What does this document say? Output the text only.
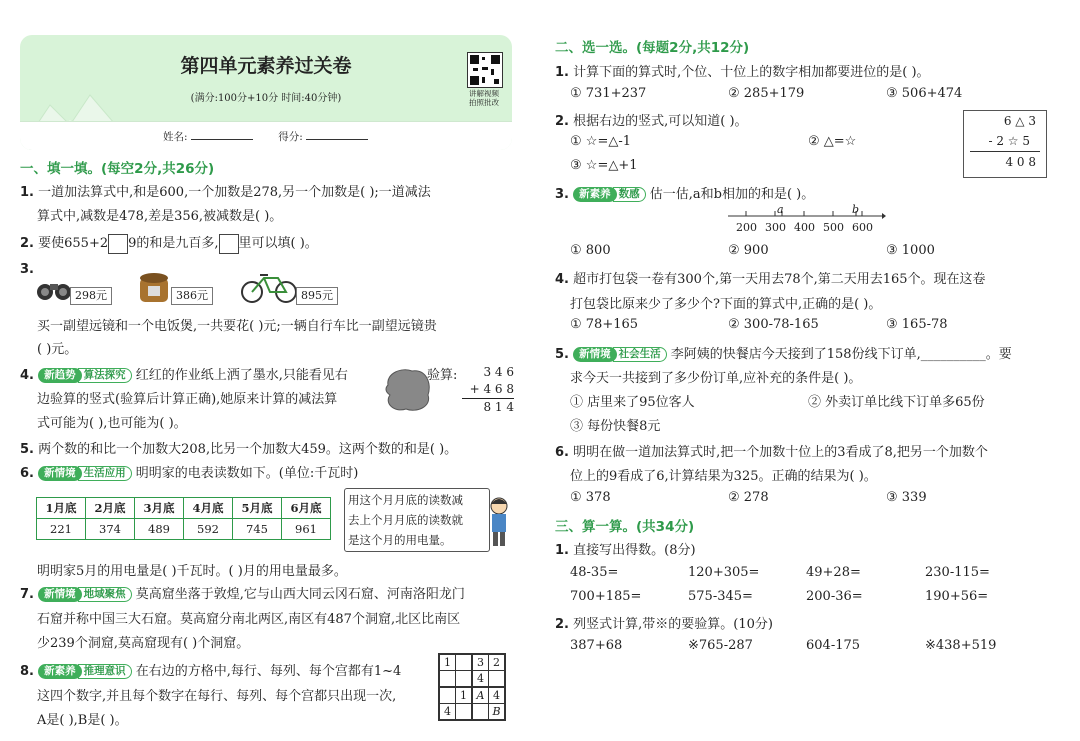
第四单元素养过关卷
(满分:100分+10分 时间:40分钟)	讲解视频
拍照批改
姓名:	得分:
一、填一填。(每空2分,共26分)
1. 一道加法算式中,和是600,一个加数是278,另一个加数是( );一道减法
算式中,减数是478,差是356,被减数是( )。
2. 要使655+2 9的和是九百多, 里可以填( )。
3.
298元	386元	895元
买一副望远镜和一个电饭煲,一共要花( )元;一辆自行车比一副望远镜贵
( )元。
4. 新趋势 算法探究 红红的作业纸上洒了墨水,只能看见右
边验算的竖式(验算后计算正确),她原来计算的减法算
式可能为( ),也可能为( )。
验算:	3 4 6
+ 4 6 8
8 1 4
5. 两个数的和比一个加数大208,比另一个加数大459。这两个数的和是( )。
6. 新情境 生活应用 明明家的电表读数如下。(单位:千瓦时)
1月底	2月底	3月底	4月底	5月底	6月底
221	374	489	592	745	961
用这个月月底的读数减
去上个月月底的读数就
是这个月的用电量。
明明家5月的用电量是( )千瓦时。( )月的用电量最多。
7. 新情境 地域聚焦 莫高窟坐落于敦煌,它与山西大同云冈石窟、河南洛阳龙门
石窟并称中国三大石窟。莫高窟分南北两区,南区有487个洞窟,北区比南区
少239个洞窟,莫高窟现有( )个洞窟。
8. 新素养 推理意识 在右边的方格中,每行、每列、每个宫都有1~4
这四个数字,并且每个数字在每行、每列、每个宫都只出现一次,
A是( ),B是( )。
1		3	2
		4	
	1	A	4
4			B
二、选一选。(每题2分,共12分)
1. 计算下面的算式时,个位、十位上的数字相加都要进位的是( )。
① 731+237	② 285+179	③ 506+474
2. 根据右边的竖式,可以知道( )。
① ☆=△-1	② △=☆
③ ☆=△+1
6 △ 3
- 2 ☆ 5
4 0 8
3. 新素养 数感 估一估,a和b相加的和是( )。
a	b
200 300 400 500 600
① 800	② 900	③ 1000
4. 超市打包袋一卷有300个,第一天用去78个,第二天用去165个。现在这卷
打包袋比原来少了多少个?下面的算式中,正确的是( )。
① 78+165	② 300-78-165	③ 165-78
5. 新情境 社会生活 李阿姨的快餐店今天接到了158份线下订单,__________。要
求今天一共接到了多少份订单,应补充的条件是( )。
① 店里来了95位客人	② 外卖订单比线下订单多65份
③ 每份快餐8元
6. 明明在做一道加法算式时,把一个加数十位上的3看成了8,把另一个加数个
位上的9看成了6,计算结果为325。正确的结果为( )。
① 378	② 278	③ 339
三、算一算。(共34分)
1. 直接写出得数。(8分)
48-35=	120+305=	49+28=	230-115=
700+185=	575-345=	200-36=	190+56=
2. 列竖式计算,带※的要验算。(10分)
387+68	※765-287	604-175	※438+519
